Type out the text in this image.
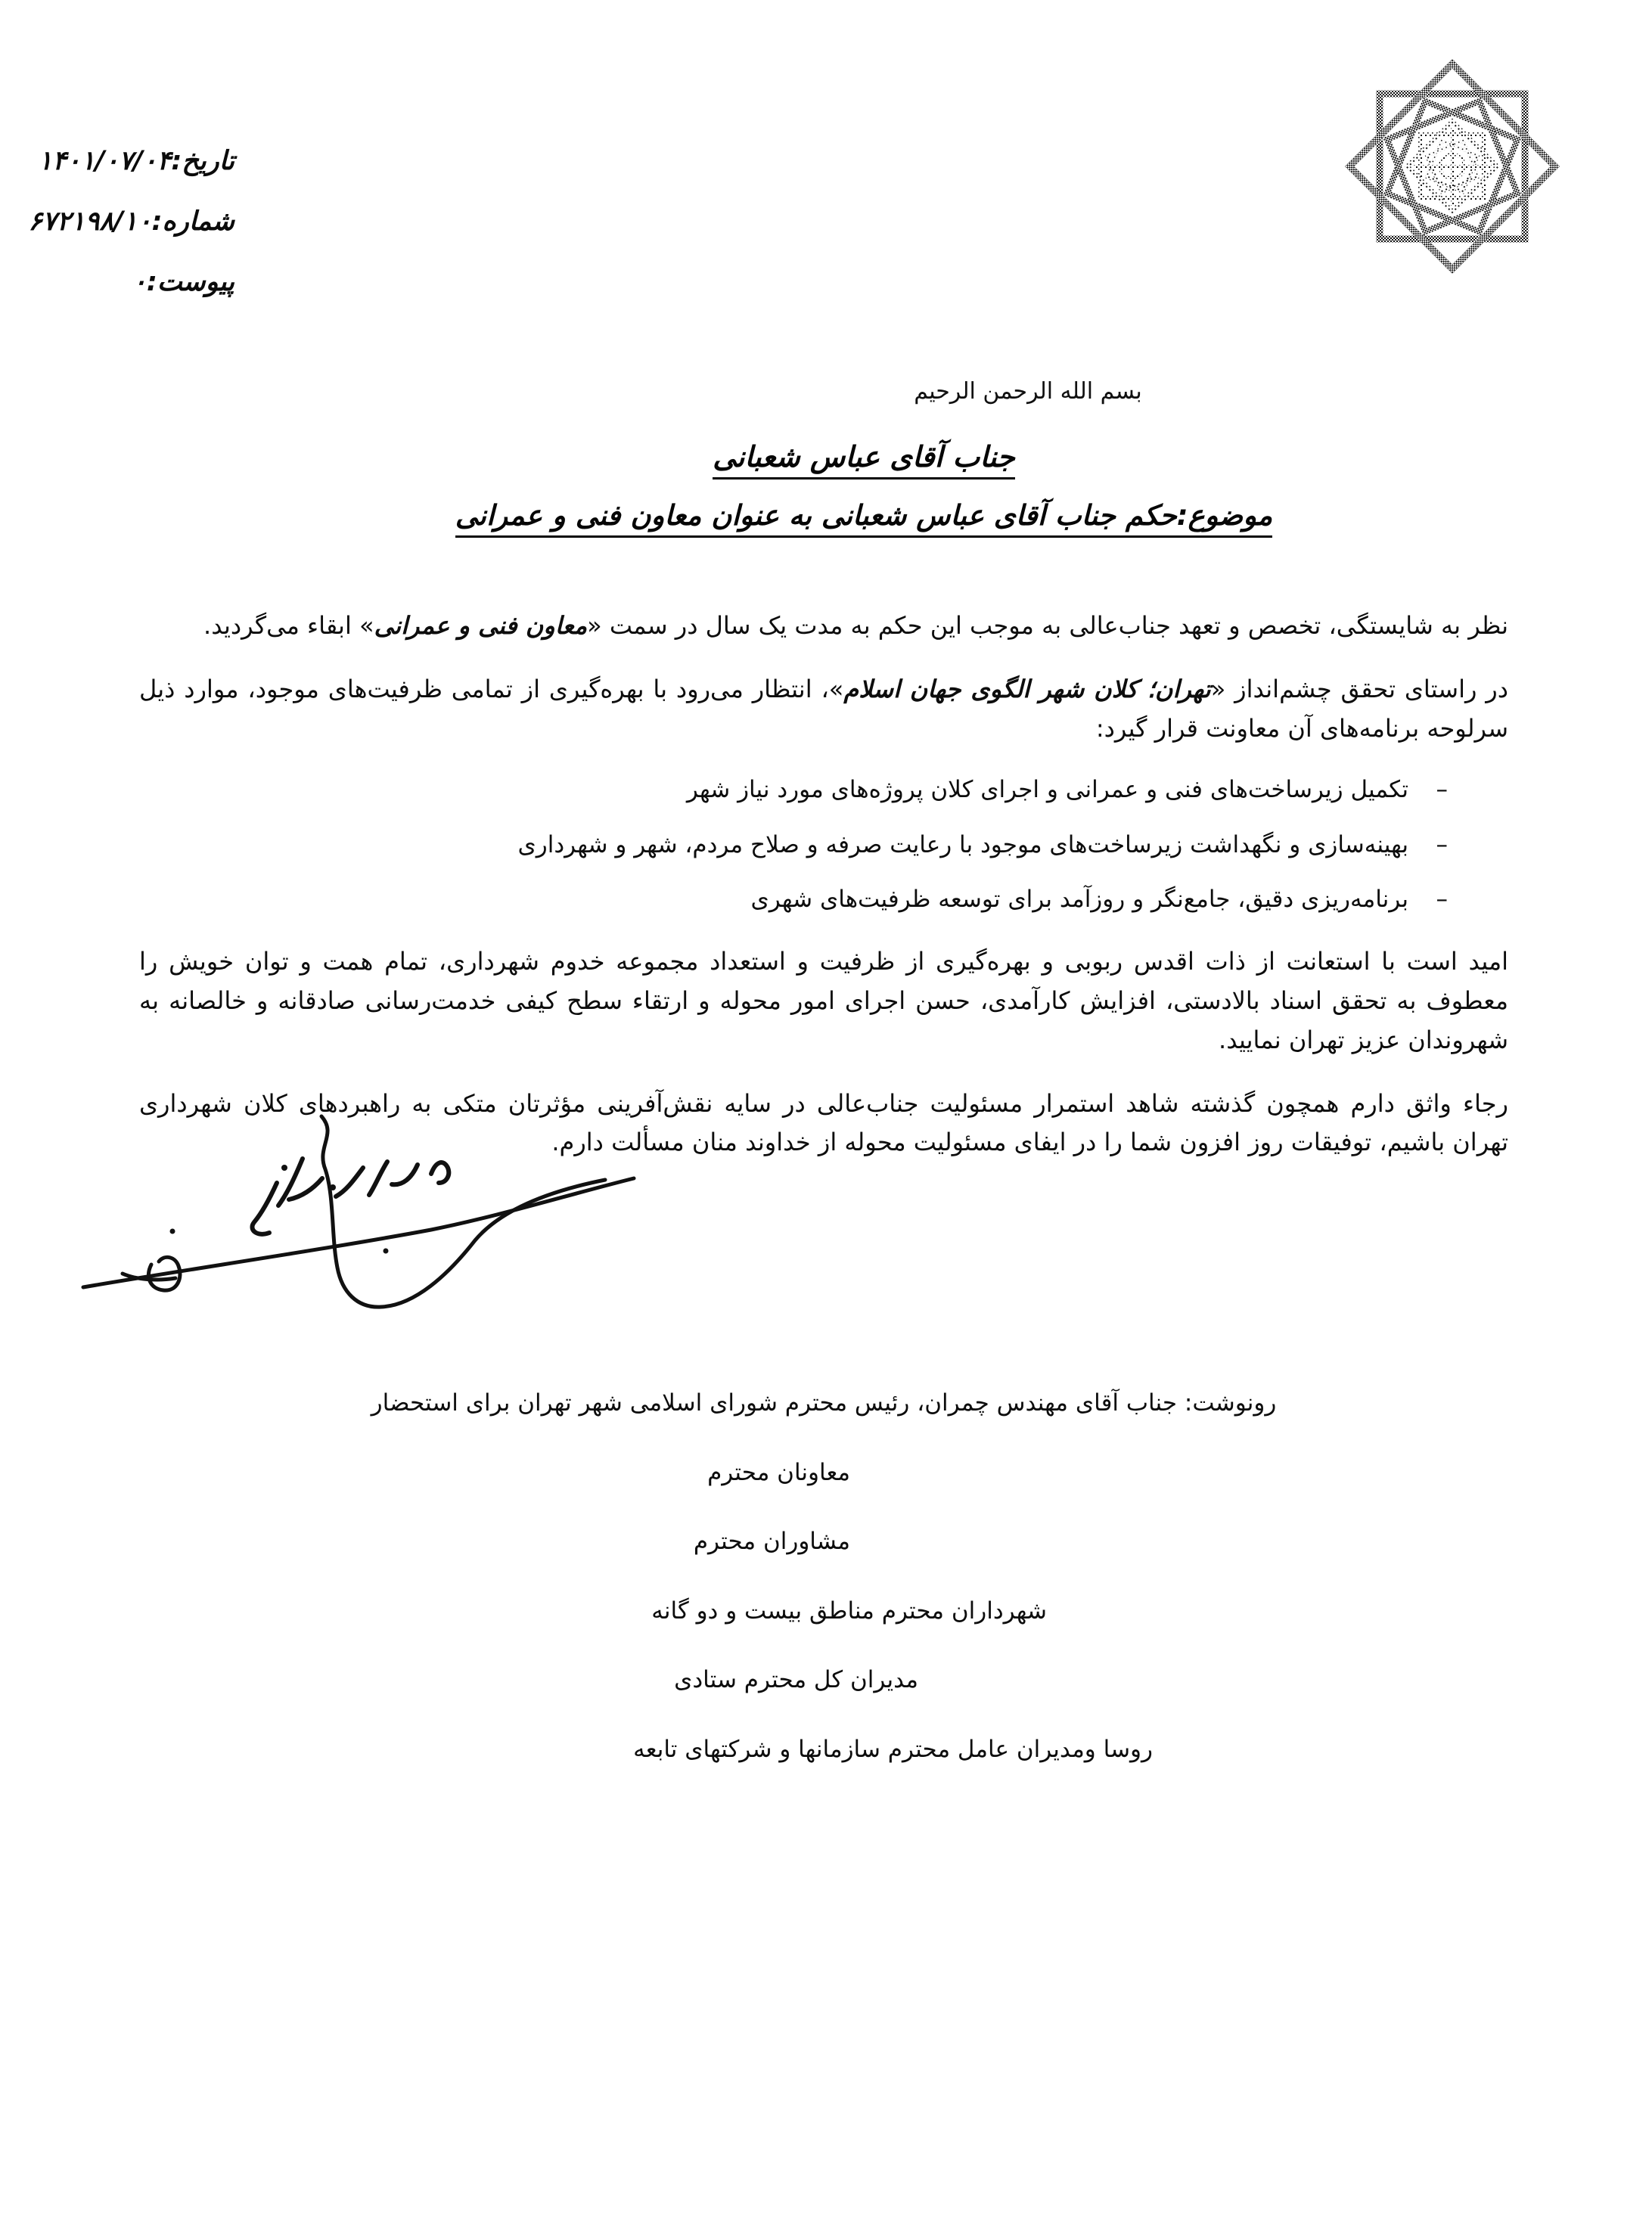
تاریخ:۱۴۰۱/۰۷/۰۴
شماره:۶۷۲۱۹۸/۱۰
پیوست:۰
بسم الله الرحمن الرحیم
جناب آقای عباس شعبانی
موضوع:حکم جناب آقای عباس شعبانی به عنوان معاون فنی و عمرانی

نظر به شایستگی، تخصص و تعهد جناب‌عالی به موجب این حکم به مدت یک سال در سمت «معاون فنی و عمرانی» ابقاء می‌گردید.

در راستای تحقق چشم‌انداز «تهران؛ کلان شهر الگوی جهان اسلام»، انتظار می‌رود با بهره‌گیری از تمامی ظرفیت‌های موجود، موارد ذیل سرلوحه برنامه‌های آن معاونت قرار گیرد:

– تکمیل زیرساخت‌های فنی و عمرانی و اجرای کلان پروژه‌های مورد نیاز شهر
– بهینه‌سازی و نگهداشت زیرساخت‌های موجود با رعایت صرفه و صلاح مردم، شهر و شهرداری
– برنامه‌ریزی دقیق، جامع‌نگر و روزآمد برای توسعه ظرفیت‌های شهری

امید است با استعانت از ذات اقدس ربوبی و بهره‌گیری از ظرفیت و استعداد مجموعه خدوم شهرداری، تمام همت و توان خویش را معطوف به تحقق اسناد بالادستی، افزایش کارآمدی، حسن اجرای امور محوله و ارتقاء سطح کیفی خدمت‌رسانی صادقانه و خالصانه به شهروندان عزیز تهران نمایید.

رجاء واثق دارم همچون گذشته شاهد استمرار مسئولیت جناب‌عالی در سایه نقش‌آفرینی مؤثرتان متکی به راهبردهای کلان شهرداری تهران باشیم، توفیقات روز افزون شما را در ایفای مسئولیت محوله از خداوند منان مسألت دارم.

رونوشت: جناب آقای مهندس چمران، رئیس محترم شورای اسلامی شهر تهران برای استحضار
معاونان محترم
مشاوران محترم
شهرداران محترم مناطق بیست و دو گانه
مدیران کل محترم ستادی
روسا ومدیران عامل محترم سازمانها و شرکتهای تابعه
